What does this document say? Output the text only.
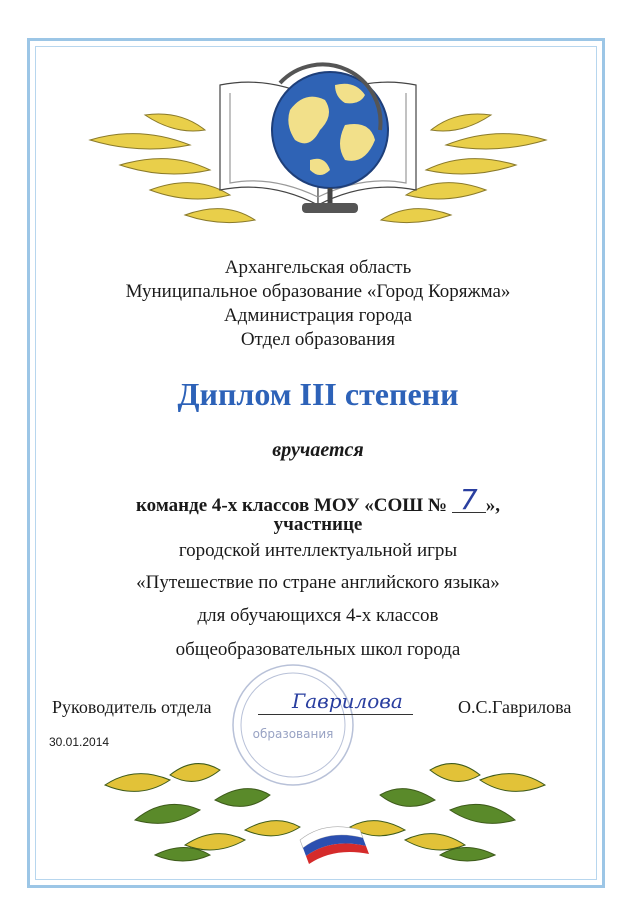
Архангельская область
Муниципальное образование «Город Коряжма»
Администрация города
Отдел образования
Диплом III степени
вручается
команде 4-х классов МОУ «СОШ № 7 »,
участнице
городской интеллектуальной игры
«Путешествие по стране английского языка»
для обучающихся 4-х классов
общеобразовательных школ города
образования
Руководитель отдела	Гаврилова	О.С.Гаврилова
30.01.2014
